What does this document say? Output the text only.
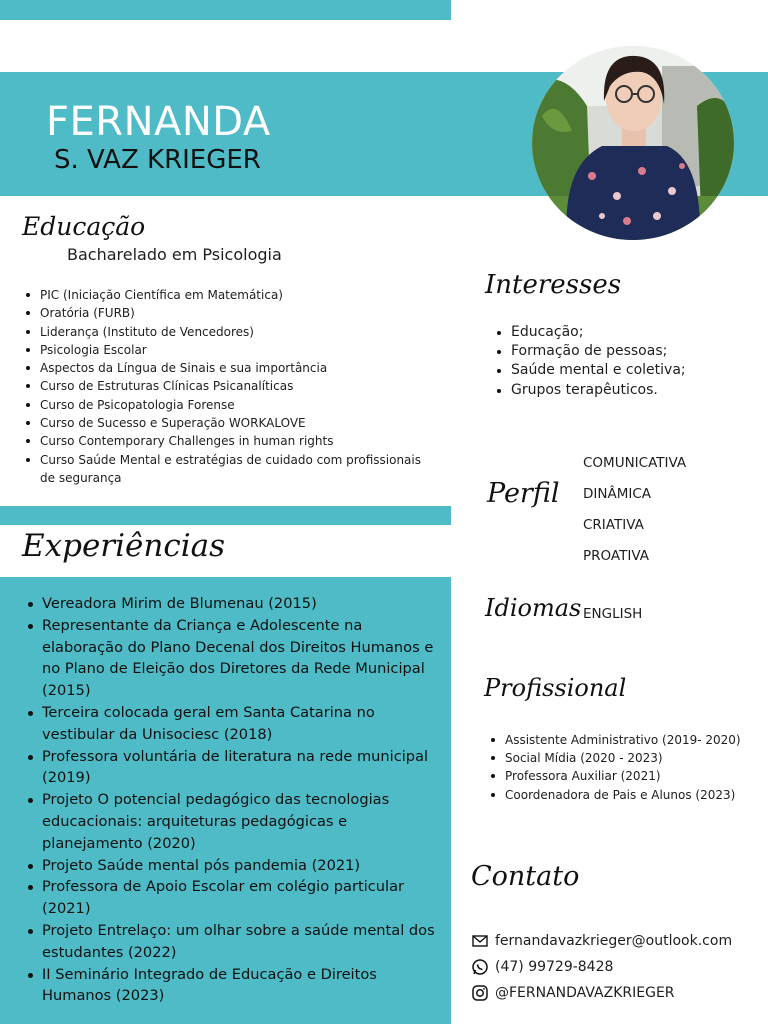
FERNANDA
S. VAZ KRIEGER
Educação
Bacharelado em Psicologia
PIC (Iniciação Científica em Matemática)
Oratória (FURB)
Liderança (Instituto de Vencedores)
Psicologia Escolar
Aspectos da Língua de Sinais e sua importância
Curso de Estruturas Clínicas Psicanalíticas
Curso de Psicopatologia Forense
Curso de Sucesso e Superação WORKALOVE
Curso Contemporary Challenges in human rights
Curso Saúde Mental e estratégias de cuidado com profissionais de segurança
Experiências
Vereadora Mirim de Blumenau (2015)
Representante da Criança e Adolescente na elaboração do Plano Decenal dos Direitos Humanos e no Plano de Eleição dos Diretores da Rede Municipal (2015)
Terceira colocada geral em Santa Catarina no vestibular da Unisociesc (2018)
Professora voluntária de literatura na rede municipal (2019)
Projeto O potencial pedagógico das tecnologias educacionais: arquiteturas pedagógicas e planejamento (2020)
Projeto Saúde mental pós pandemia (2021)
Professora de Apoio Escolar em colégio particular (2021)
Projeto Entrelaço: um olhar sobre a saúde mental dos estudantes (2022)
II Seminário Integrado de Educação e Direitos Humanos (2023)
Interesses
Educação;
Formação de pessoas;
Saúde mental e coletiva;
Grupos terapêuticos.
Perfil
COMUNICATIVA
DINÂMICA
CRIATIVA
PROATIVA
Idiomas ENGLISH
Profissional
Assistente Administrativo (2019- 2020)
Social Mídia (2020 - 2023)
Professora Auxiliar (2021)
Coordenadora de Pais e Alunos (2023)
Contato
fernandavazkrieger@outlook.com
(47) 99729-8428
@FERNANDAVAZKRIEGER
